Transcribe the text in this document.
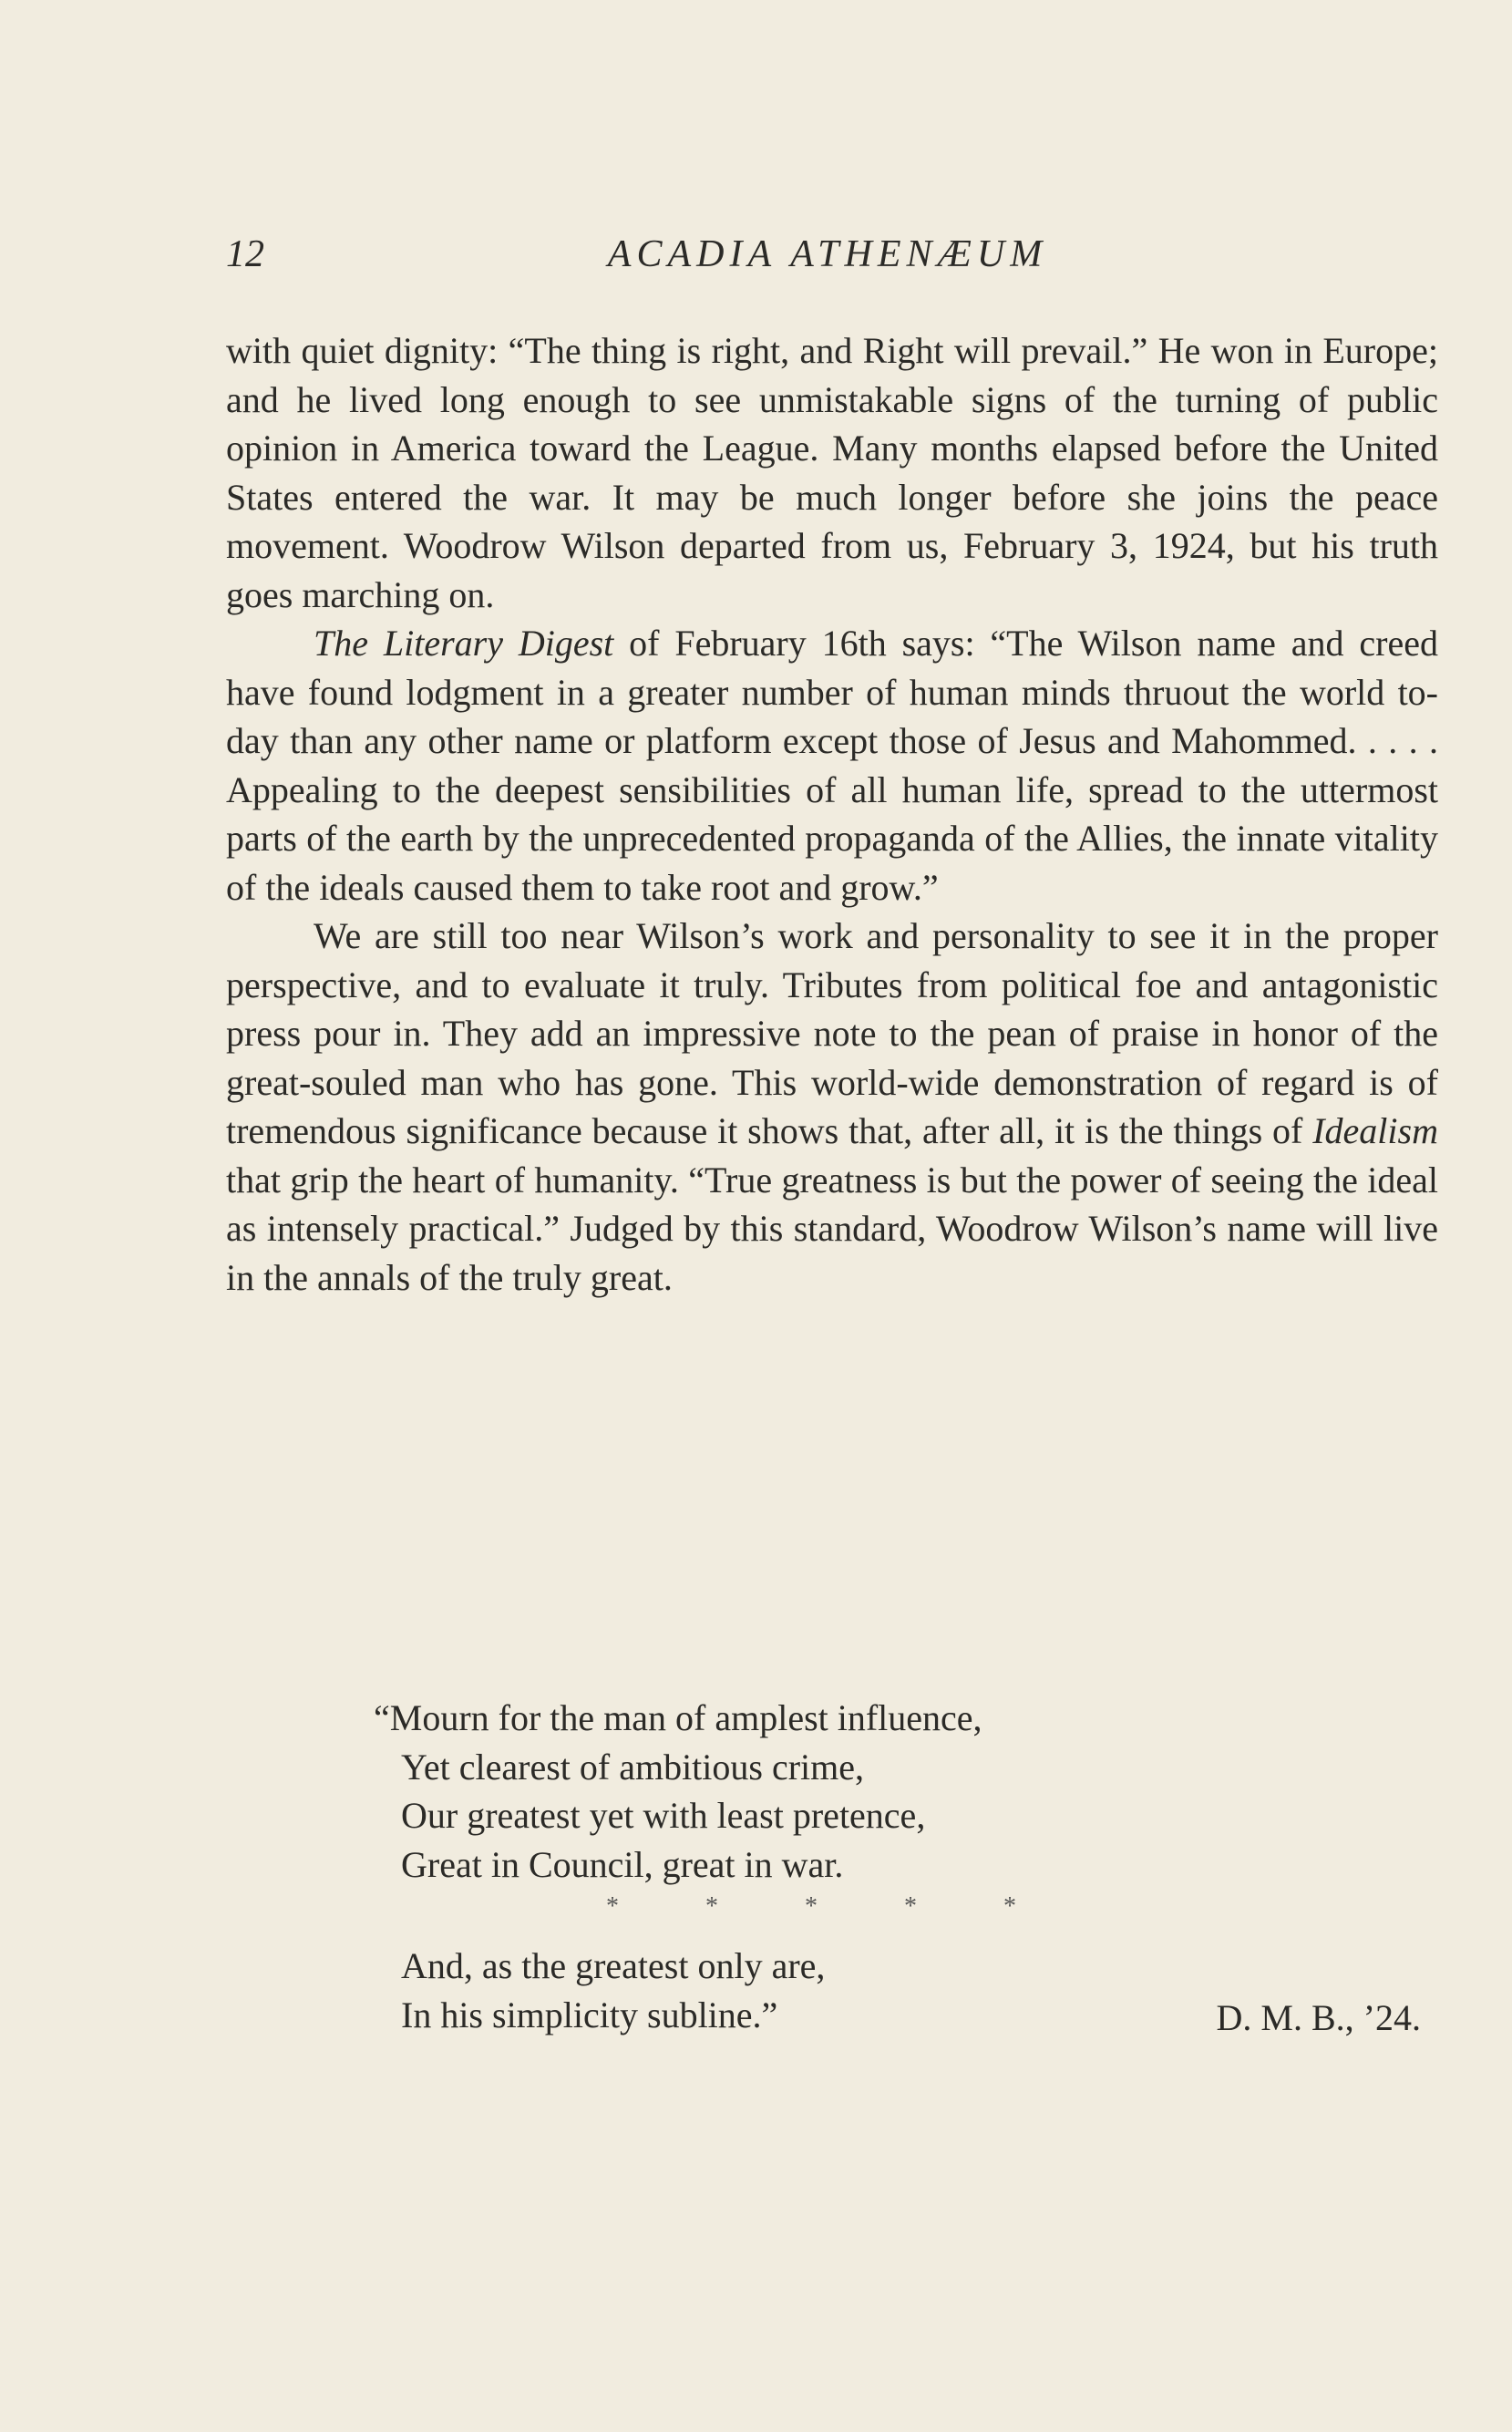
12	ACADIA ATHENÆUM

with quiet dignity: “The thing is right, and Right will prevail.” He won in Europe; and he lived long enough to see unmistakable signs of the turning of public opinion in America toward the League. Many months elapsed before the United States entered the war. It may be much longer before she joins the peace movement. Woodrow Wilson departed from us, February 3, 1924, but his truth goes marching on.

The Literary Digest of February 16th says: “The Wilson name and creed have found lodgment in a greater number of human minds thruout the world to-day than any other name or platform except those of Jesus and Mahommed. . . . . Appealing to the deepest sensibilities of all human life, spread to the uttermost parts of the earth by the unprecedented propaganda of the Allies, the innate vitality of the ideals caused them to take root and grow.”

We are still too near Wilson’s work and personality to see it in the proper perspective, and to evaluate it truly. Tributes from political foe and antagonistic press pour in. They add an impressive note to the pean of praise in honor of the great-souled man who has gone. This world-wide demonstration of regard is of tremendous significance because it shows that, after all, it is the things of Idealism that grip the heart of humanity. “True greatness is but the power of seeing the ideal as intensely practical.” Judged by this standard, Woodrow Wilson’s name will live in the annals of the truly great.

“Mourn for the man of amplest influence,
Yet clearest of ambitious crime,
Our greatest yet with least pretence,
Great in Council, great in war.
* * * * *
And, as the greatest only are,
In his simplicity subline.”	D. M. B., ’24.
